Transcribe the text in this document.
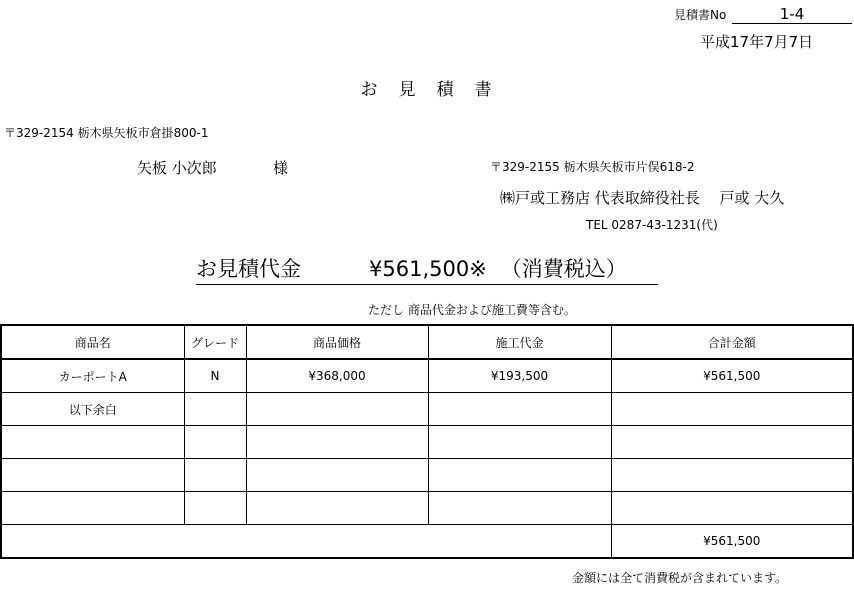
見積書No	1-4
平成17年7月7日
お　見　積　書
〒329-2154 栃木県矢板市倉掛800-1
矢板 小次郎	様	〒329-2155 栃木県矢板市片俣618-2
㈱戸或工務店 代表取締役社長　 戸或 大久
TEL 0287-43-1231(代)
お見積代金	¥561,500※ （消費税込）
ただし 商品代金および施工費等含む。
商品名	グレード	商品価格	施工代金	合計金額
カーポートA	N	¥368,000	¥193,500	¥561,500
以下余白				

				¥561,500
金額には全て消費税が含まれています。
